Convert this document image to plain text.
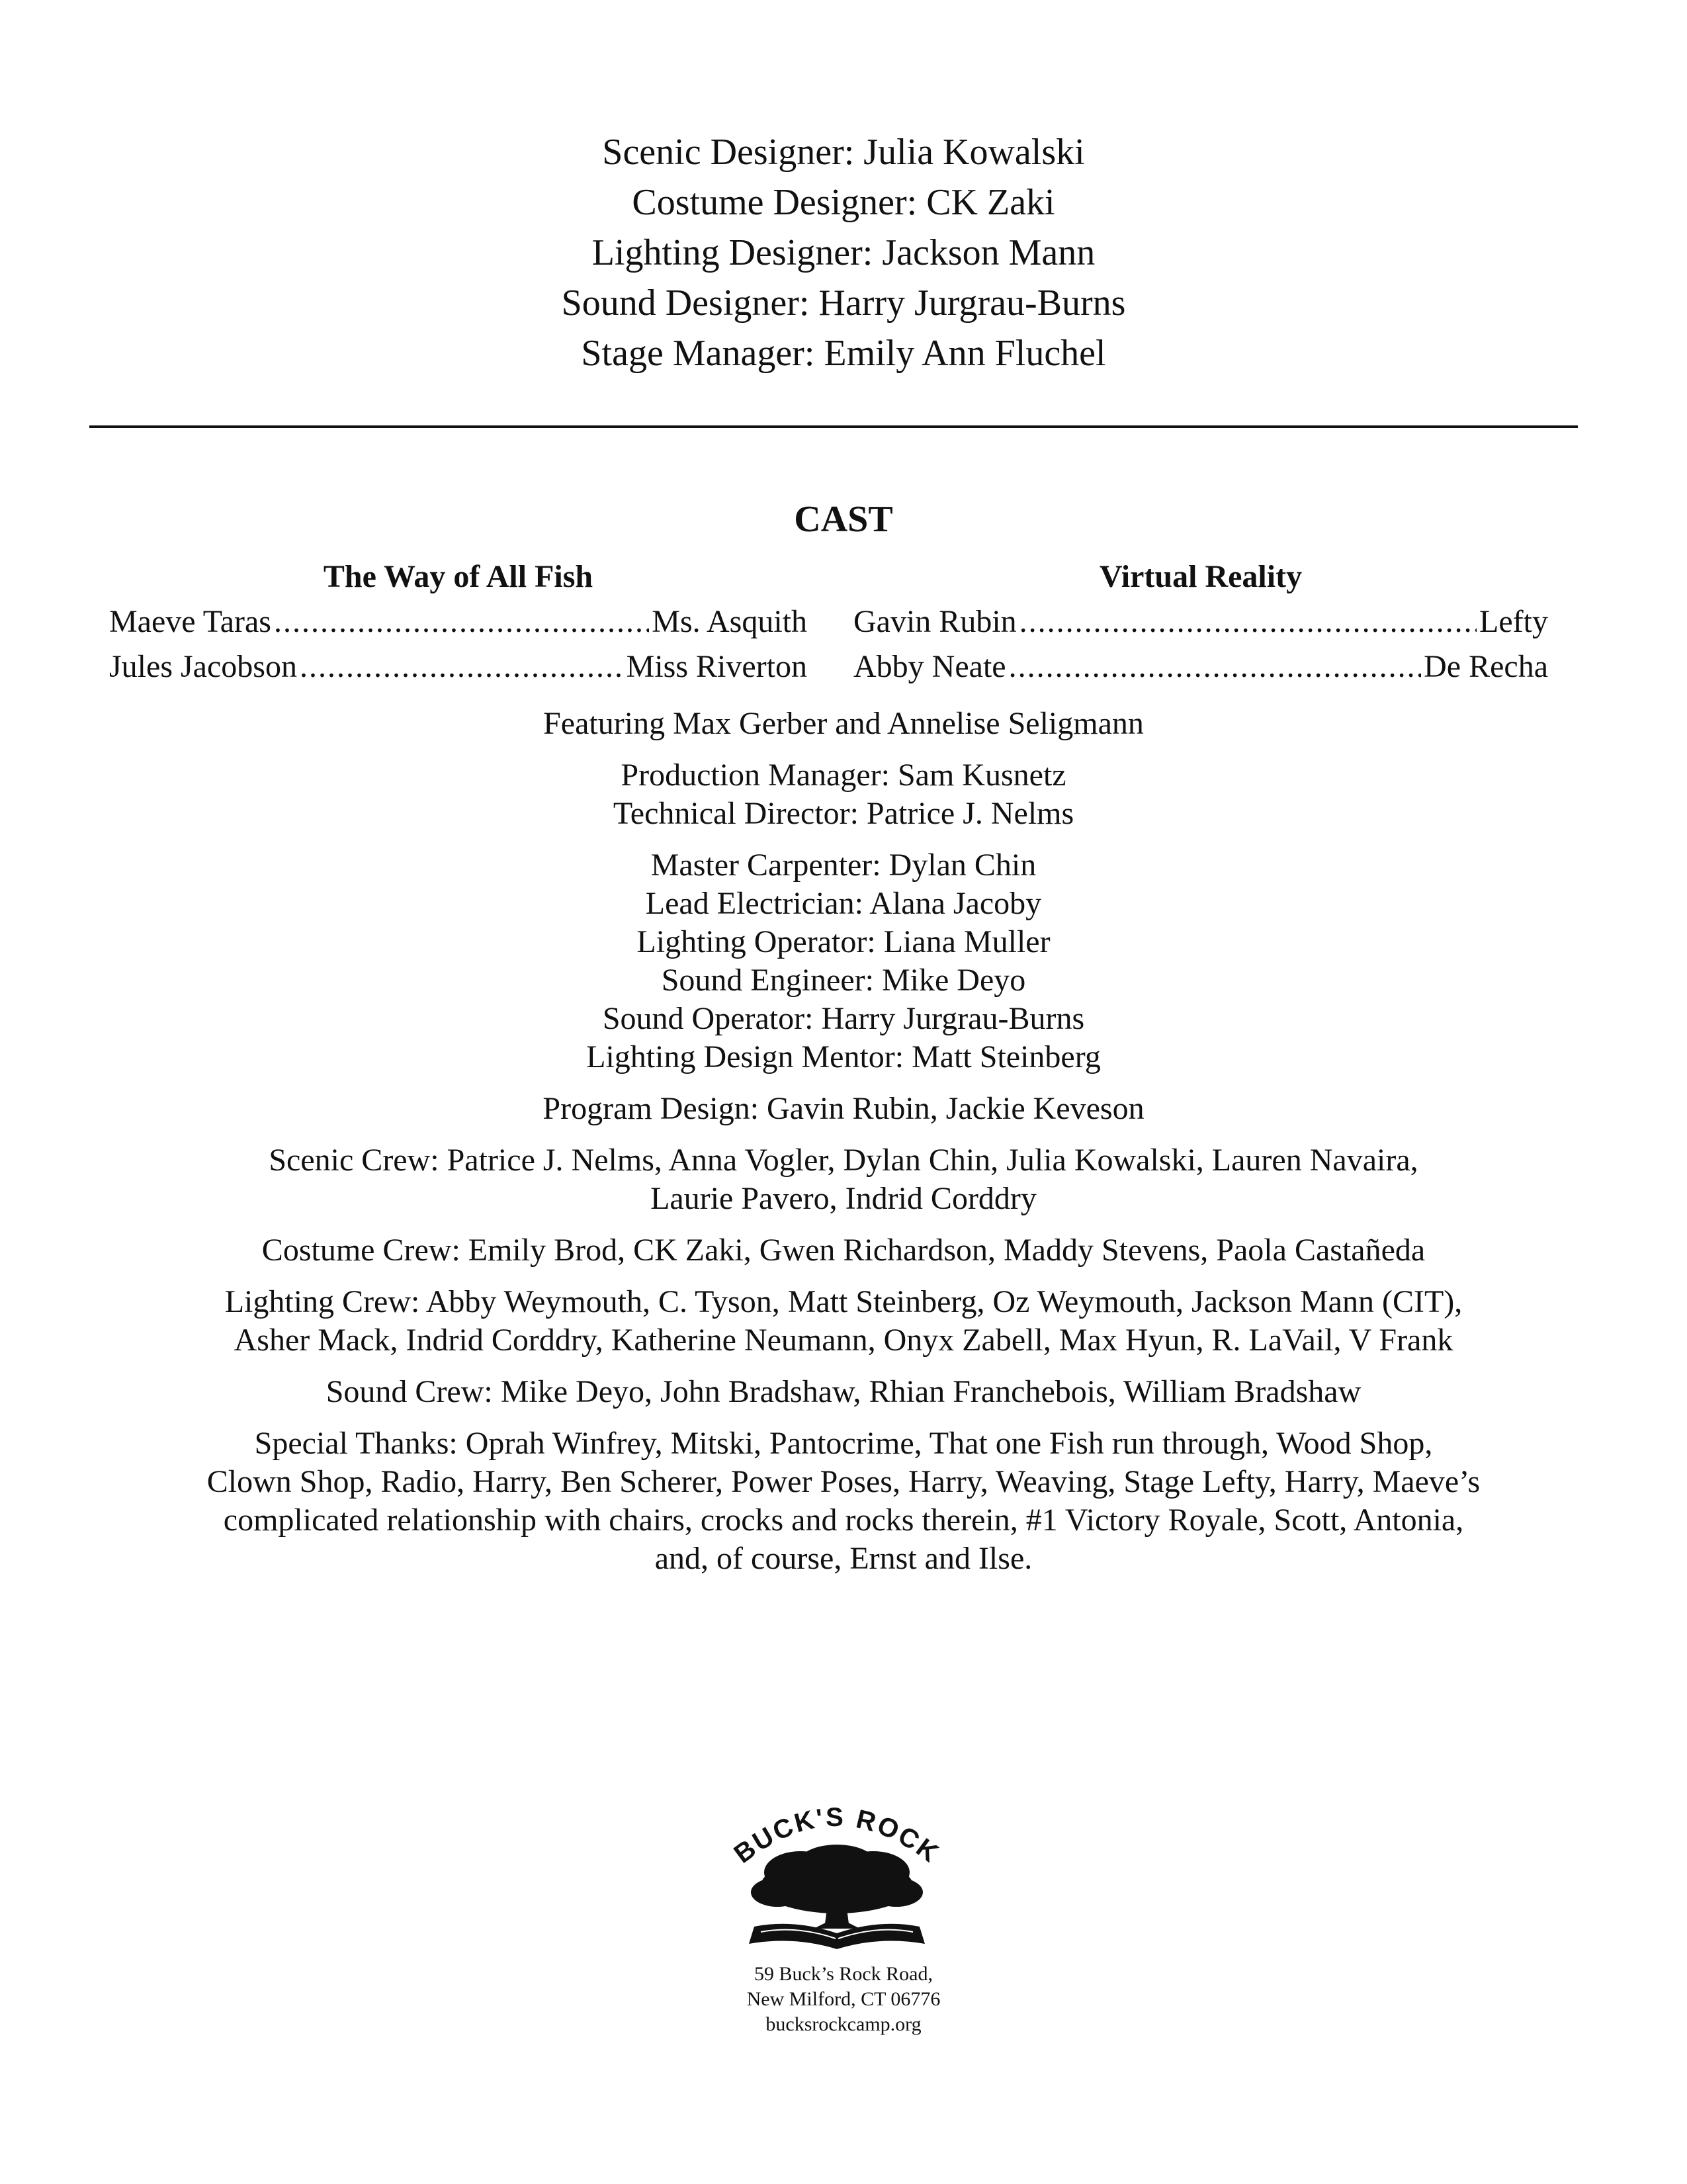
Scenic Designer: Julia Kowalski
Costume Designer: CK Zaki
Lighting Designer: Jackson Mann
Sound Designer: Harry Jurgrau-Burns
Stage Manager: Emily Ann Fluchel
CAST
The Way of All Fish
Maeve Taras .....	Ms. Asquith
Jules Jacobson .....	Miss Riverton
Virtual Reality
Gavin Rubin .....	Lefty
Abby Neate .....	De Recha
Featuring Max Gerber and Annelise Seligmann
Production Manager: Sam Kusnetz
Technical Director: Patrice J. Nelms
Master Carpenter: Dylan Chin
Lead Electrician: Alana Jacoby
Lighting Operator: Liana Muller
Sound Engineer: Mike Deyo
Sound Operator: Harry Jurgrau-Burns
Lighting Design Mentor: Matt Steinberg
Program Design: Gavin Rubin, Jackie Keveson
Scenic Crew: Patrice J. Nelms, Anna Vogler, Dylan Chin, Julia Kowalski, Lauren Navaira,
Laurie Pavero, Indrid Corddry
Costume Crew: Emily Brod, CK Zaki, Gwen Richardson, Maddy Stevens, Paola Castañeda
Lighting Crew: Abby Weymouth, C. Tyson, Matt Steinberg, Oz Weymouth, Jackson Mann (CIT),
Asher Mack, Indrid Corddry, Katherine Neumann, Onyx Zabell, Max Hyun, R. LaVail, V Frank
Sound Crew: Mike Deyo, John Bradshaw, Rhian Franchebois, William Bradshaw
Special Thanks: Oprah Winfrey, Mitski, Pantocrime, That one Fish run through, Wood Shop,
Clown Shop, Radio, Harry, Ben Scherer, Power Poses, Harry, Weaving, Stage Lefty, Harry, Maeve’s
complicated relationship with chairs, crocks and rocks therein, #1 Victory Royale, Scott, Antonia,
and, of course, Ernst and Ilse.
BUCK'S ROCK
59 Buck’s Rock Road,
New Milford, CT 06776
bucksrockcamp.org
